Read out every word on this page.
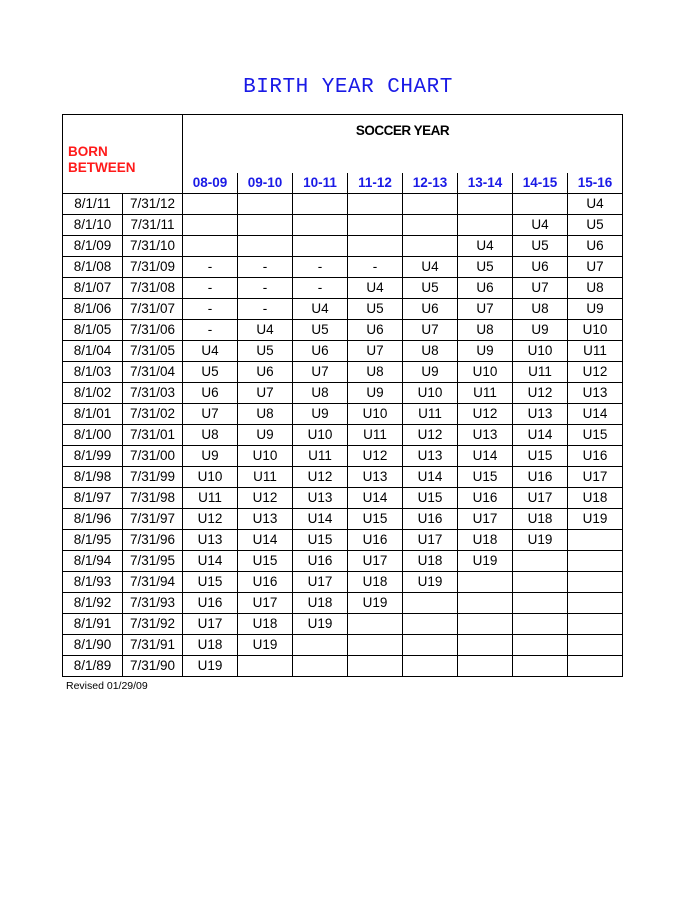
BIRTH YEAR CHART
BORN
BETWEEN		SOCCER YEAR							
		08-09	09-10	10-11	11-12	12-13	13-14	14-15	15-16
8/1/11	7/31/12								U4
8/1/10	7/31/11							U4	U5
8/1/09	7/31/10						U4	U5	U6
8/1/08	7/31/09	-	-	-	-	U4	U5	U6	U7
8/1/07	7/31/08	-	-	-	U4	U5	U6	U7	U8
8/1/06	7/31/07	-	-	U4	U5	U6	U7	U8	U9
8/1/05	7/31/06	-	U4	U5	U6	U7	U8	U9	U10
8/1/04	7/31/05	U4	U5	U6	U7	U8	U9	U10	U11
8/1/03	7/31/04	U5	U6	U7	U8	U9	U10	U11	U12
8/1/02	7/31/03	U6	U7	U8	U9	U10	U11	U12	U13
8/1/01	7/31/02	U7	U8	U9	U10	U11	U12	U13	U14
8/1/00	7/31/01	U8	U9	U10	U11	U12	U13	U14	U15
8/1/99	7/31/00	U9	U10	U11	U12	U13	U14	U15	U16
8/1/98	7/31/99	U10	U11	U12	U13	U14	U15	U16	U17
8/1/97	7/31/98	U11	U12	U13	U14	U15	U16	U17	U18
8/1/96	7/31/97	U12	U13	U14	U15	U16	U17	U18	U19
8/1/95	7/31/96	U13	U14	U15	U16	U17	U18	U19	
8/1/94	7/31/95	U14	U15	U16	U17	U18	U19		
8/1/93	7/31/94	U15	U16	U17	U18	U19			
8/1/92	7/31/93	U16	U17	U18	U19				
8/1/91	7/31/92	U17	U18	U19					
8/1/90	7/31/91	U18	U19						
8/1/89	7/31/90	U19							
Revised 01/29/09
